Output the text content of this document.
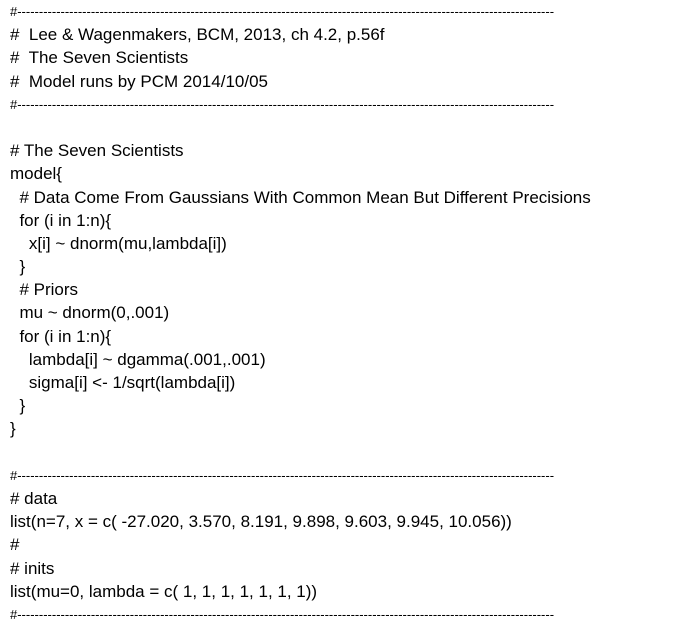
#----------------------------------------------------------------------------------------------------------------------------
#  Lee & Wagenmakers, BCM, 2013, ch 4.2, p.56f
#  The Seven Scientists
#  Model runs by PCM 2014/10/05
#----------------------------------------------------------------------------------------------------------------------------
# The Seven Scientists
model{
# Data Come From Gaussians With Common Mean But Different Precisions
for (i in 1:n){
x[i] ~ dnorm(mu,lambda[i])
}
# Priors
mu ~ dnorm(0,.001)
for (i in 1:n){
lambda[i] ~ dgamma(.001,.001)
sigma[i] <- 1/sqrt(lambda[i])
}
}
#----------------------------------------------------------------------------------------------------------------------------
# data
list(n=7, x = c( -27.020, 3.570, 8.191, 9.898, 9.603, 9.945, 10.056))
#
# inits
list(mu=0, lambda = c( 1, 1, 1, 1, 1, 1, 1))
#----------------------------------------------------------------------------------------------------------------------------
